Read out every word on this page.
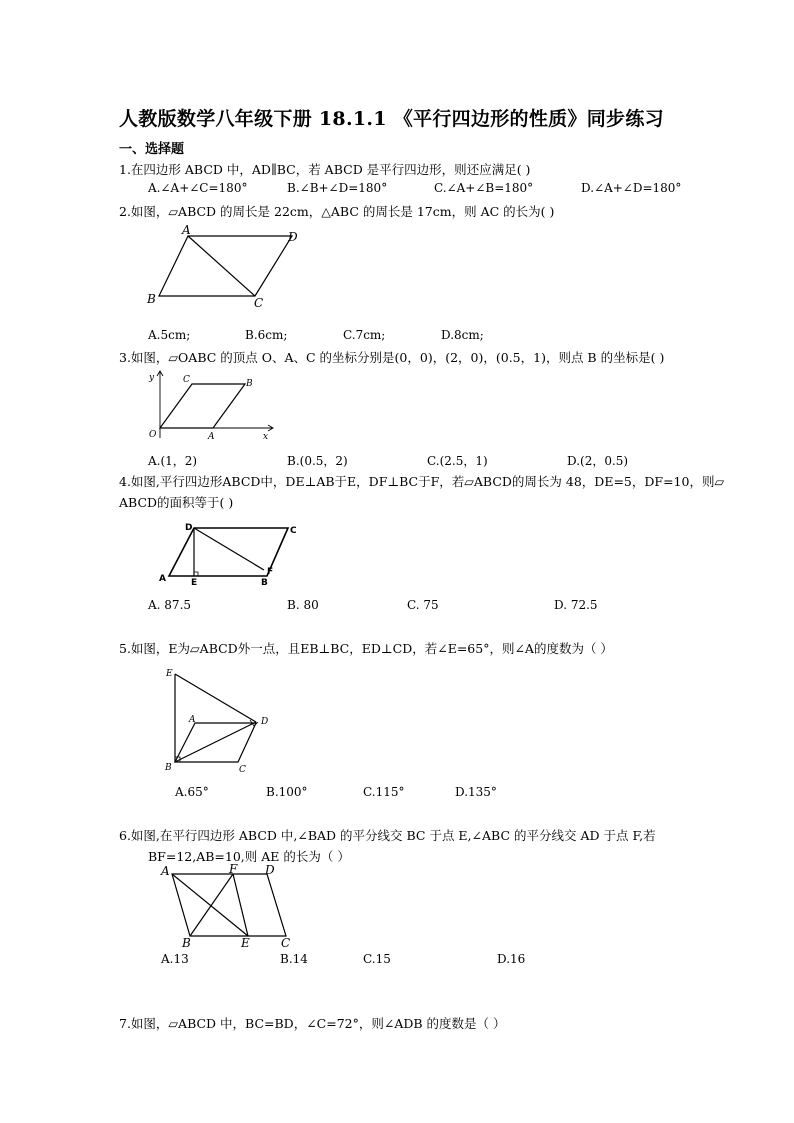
人教版数学八年级下册 18.1.1 《平行四边形的性质》同步练习
一、选择题
1.在四边形 ABCD 中，AD∥BC，若 ABCD 是平行四边形，则还应满足( )
A.∠A+∠C=180°	B.∠B+∠D=180°	C.∠A+∠B=180°	D.∠A+∠D=180°
2.如图，▱ABCD 的周长是 22cm，△ABC 的周长是 17cm，则 AC 的长为( )
A	D
B	C
A.5cm;	B.6cm;	C.7cm;	D.8cm;
3.如图，▱OABC 的顶点 O、A、C 的坐标分别是(0，0)，(2，0)，(0.5，1)，则点 B 的坐标是( )
y	C	B
O	A	x
A.(1，2)	B.(0.5，2)	C.(2.5，1)	D.(2，0.5)
4.如图,平行四边形ABCD中，DE⊥AB于E，DF⊥BC于F，若▱ABCD的周长为 48，DE=5，DF=10，则▱
ABCD的面积等于( )
D	C
F
A	E	B
A. 87.5	B. 80	C. 75	D. 72.5
5.如图，E为▱ABCD外一点，且EB⊥BC，ED⊥CD，若∠E=65°，则∠A的度数为（ ）
E
A	D
B	C
A.65°	B.100°	C.115°	D.135°
6.如图,在平行四边形 ABCD 中,∠BAD 的平分线交 BC 于点 E,∠ABC 的平分线交 AD 于点 F,若
BF=12,AB=10,则 AE 的长为（ ）
A	F D
B	E	C
A.13	B.14	C.15	D.16
7.如图，▱ABCD 中，BC=BD，∠C=72°，则∠ADB 的度数是（ ）
